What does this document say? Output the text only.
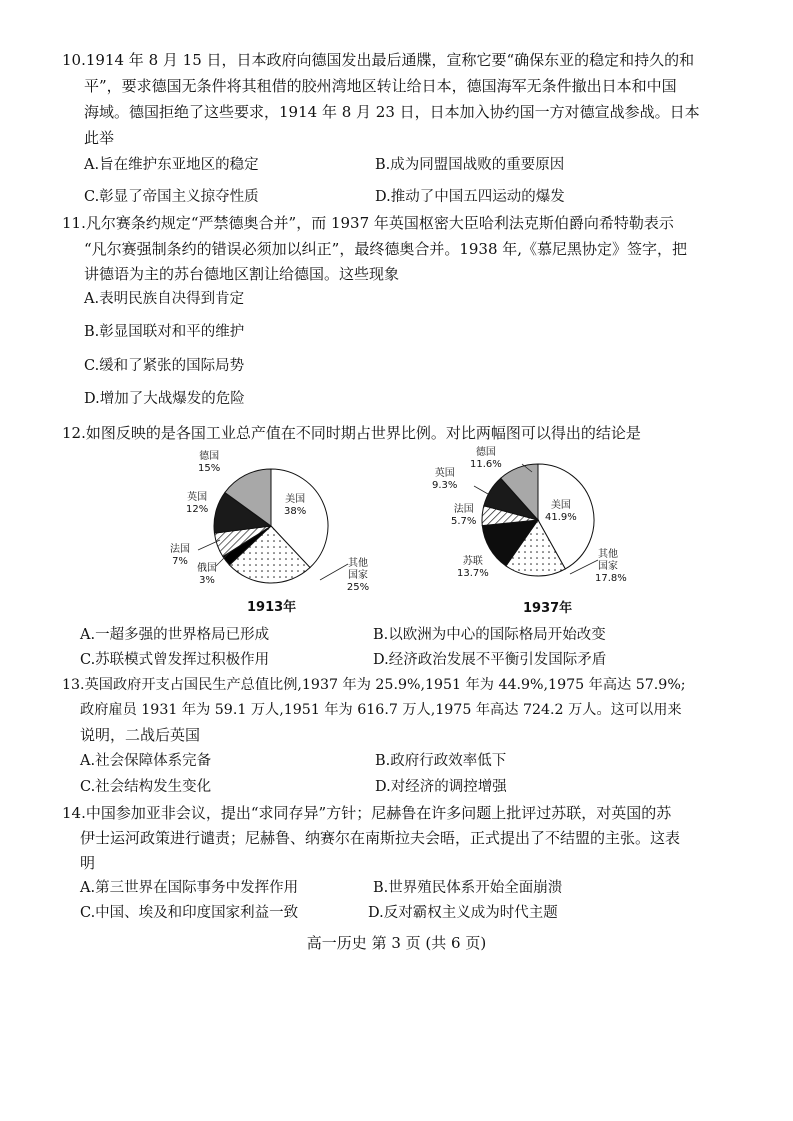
10.1914 年 8 月 15 日，日本政府向德国发出最后通牒，宣称它要“确保东亚的稳定和持久的和
平”，要求德国无条件将其租借的胶州湾地区转让给日本，德国海军无条件撤出日本和中国
海域。德国拒绝了这些要求，1914 年 8 月 23 日，日本加入协约国一方对德宣战参战。日本
此举
A.旨在维护东亚地区的稳定	B.成为同盟国战败的重要原因
C.彰显了帝国主义掠夺性质	D.推动了中国五四运动的爆发
11.凡尔赛条约规定“严禁德奥合并”，而 1937 年英国枢密大臣哈利法克斯伯爵向希特勒表示
“凡尔赛强制条约的错误必须加以纠正”，最终德奥合并。1938 年,《慕尼黑协定》签字，把
讲德语为主的苏台德地区割让给德国。这些现象
A.表明民族自决得到肯定
B.彰显国联对和平的维护
C.缓和了紧张的国际局势
D.增加了大战爆发的危险
12.如图反映的是各国工业总产值在不同时期占世界比例。对比两幅图可以得出的结论是
德国
15%
美国
38%
英国
12%
法国
7%
俄国
3%
其他国家
25%
1913年
德国
11.6%
美国
41.9%
英国
9.3%
法国
5.7%
苏联
13.7%
其他国家
17.8%
1937年
A.一超多强的世界格局已形成	B.以欧洲为中心的国际格局开始改变
C.苏联模式曾发挥过积极作用	D.经济政治发展不平衡引发国际矛盾
13.英国政府开支占国民生产总值比例,1937 年为 25.9%,1951 年为 44.9%,1975 年高达 57.9%;
政府雇员 1931 年为 59.1 万人,1951 年为 616.7 万人,1975 年高达 724.2 万人。这可以用来
说明，二战后英国
A.社会保障体系完备	B.政府行政效率低下
C.社会结构发生变化	D.对经济的调控增强
14.中国参加亚非会议，提出“求同存异”方针；尼赫鲁在许多问题上批评过苏联，对英国的苏
伊士运河政策进行谴责；尼赫鲁、纳赛尔在南斯拉夫会晤，正式提出了不结盟的主张。这表
明
A.第三世界在国际事务中发挥作用	B.世界殖民体系开始全面崩溃
C.中国、埃及和印度国家利益一致	D.反对霸权主义成为时代主题
高一历史 第 3 页 (共 6 页)
